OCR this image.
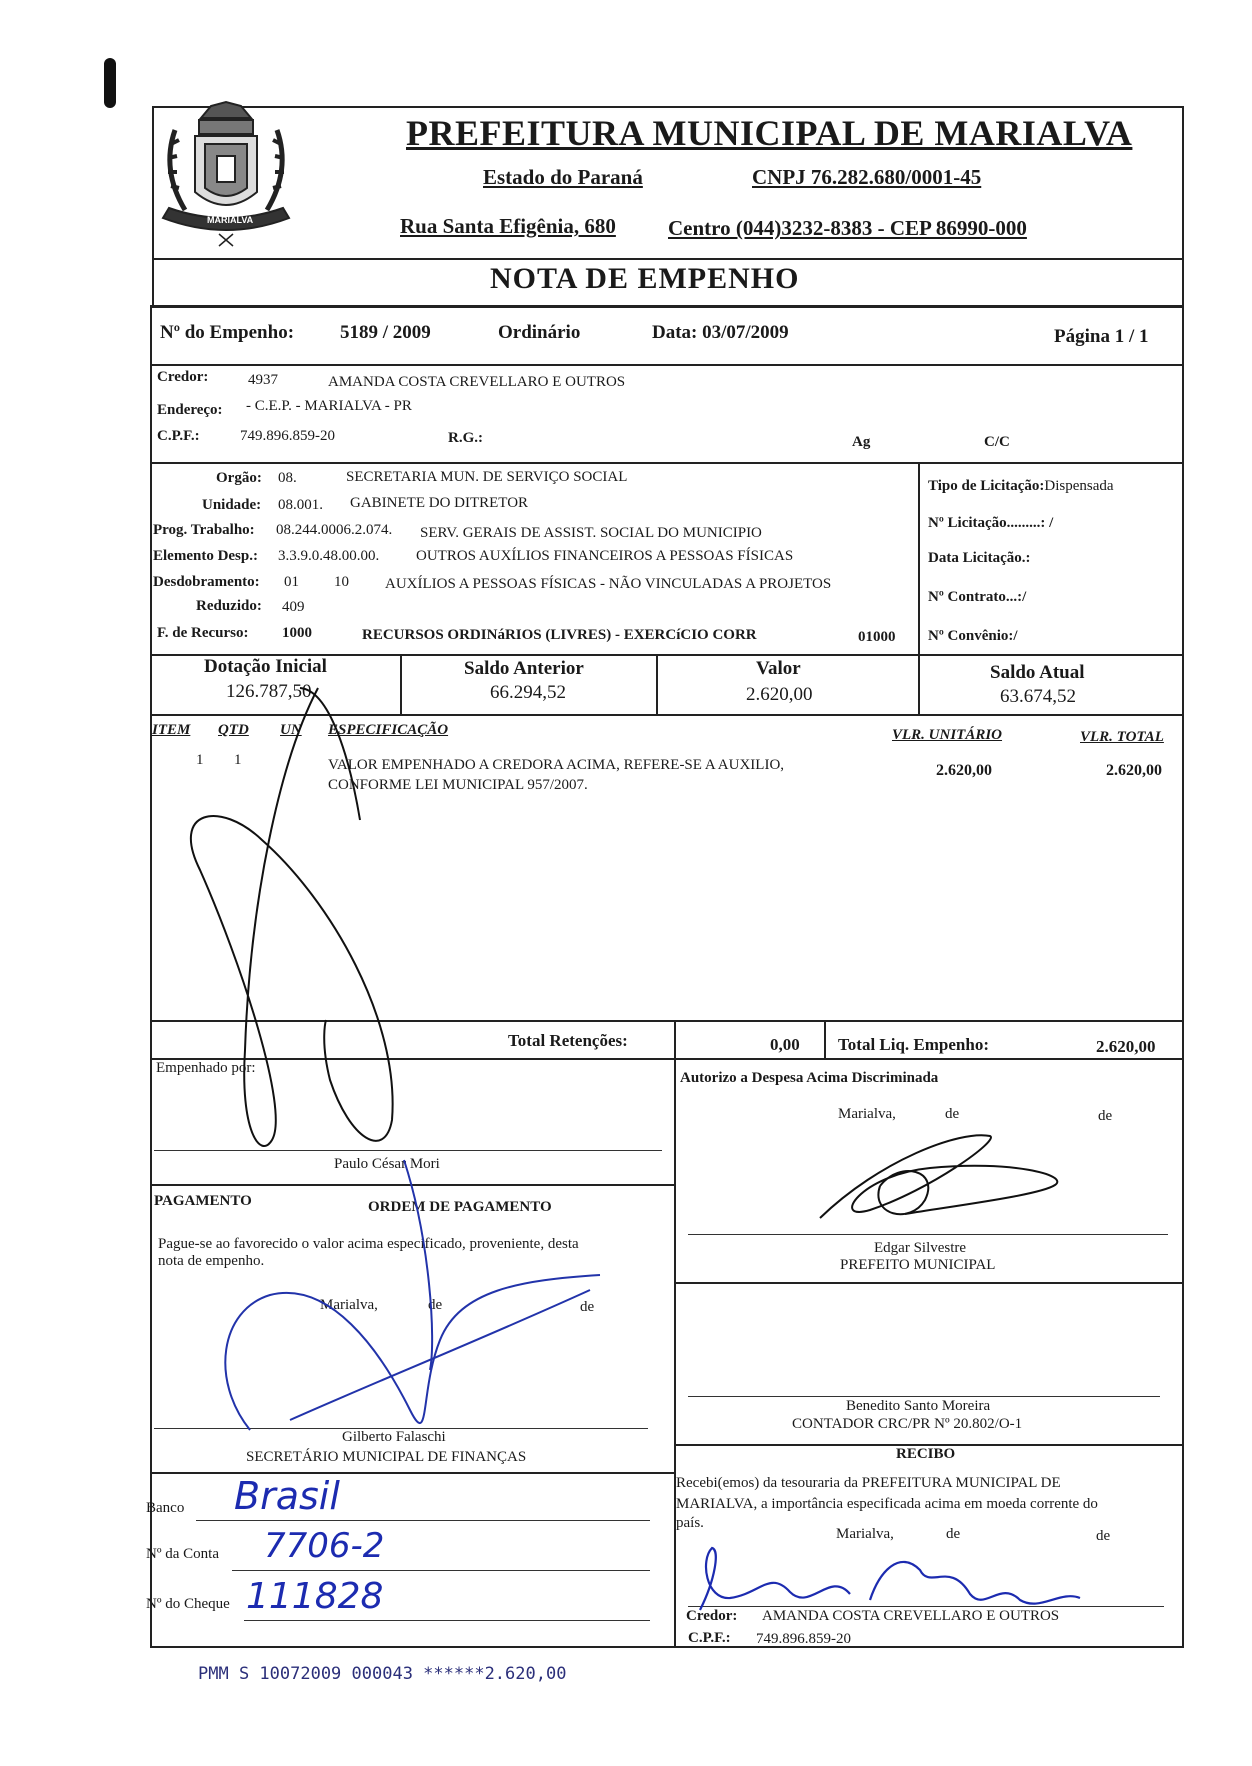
MARIALVA
PREFEITURA MUNICIPAL DE MARIALVA
Estado do Paraná	CNPJ 76.282.680/0001-45
Rua Santa Efigênia, 680 Centro (044)3232-8383 - CEP 86990-000
NOTA DE EMPENHO
Nº do Empenho: 5189 / 2009	Ordinário	Data: 03/07/2009	Página 1 / 1
Credor:	4937	AMANDA COSTA CREVELLARO E OUTROS
Endereço: - C.E.P. - MARIALVA - PR
C.P.F.:	749.896.859-20	R.G.:	Ag	C/C
Orgão: 08.	SECRETARIA MUN. DE SERVIÇO SOCIAL
Unidade: 08.001. GABINETE DO DITRETOR
Prog. Trabalho: 08.244.0006.2.074. SERV. GERAIS DE ASSIST. SOCIAL DO MUNICIPIO
Elemento Desp.: 3.3.9.0.48.00.00. OUTROS AUXÍLIOS FINANCEIROS A PESSOAS FÍSICAS
Desdobramento: 01 10 AUXÍLIOS A PESSOAS FÍSICAS - NÃO VINCULADAS A PROJETOS
Reduzido: 409
F. de Recurso: 1000	RECURSOS ORDINáRIOS (LIVRES) - EXERCíCIO CORR	01000
Tipo de Licitação:Dispensada
Nº Licitação.........: /
Data Licitação.:
Nº Contrato...:/
Nº Convênio:/
Dotação Inicial
126.787,50
Saldo Anterior
66.294,52
Valor
2.620,00
Saldo Atual
63.674,52
ITEM QTD UN ESPECIFICAÇÃO	VLR. UNITÁRIO	VLR. TOTAL
1 1	VALOR EMPENHADO A CREDORA ACIMA, REFERE-SE A AUXILIO,
CONFORME LEI MUNICIPAL 957/2007.
2.620,00	2.620,00
Total Retenções:	0,00 Total Liq. Empenho:	2.620,00
Empenhado por:
Paulo César Mori
Autorizo a Despesa Acima Discriminada
Marialva,	de	de
Edgar Silvestre
PREFEITO MUNICIPAL
PAGAMENTO	ORDEM DE PAGAMENTO
Pague-se ao favorecido o valor acima especificado, proveniente, desta
nota de empenho.
Marialva,	de	de
Gilberto Falaschi
SECRETÁRIO MUNICIPAL DE FINANÇAS
Benedito Santo Moreira
CONTADOR CRC/PR Nº 20.802/O-1
Banco Brasil
Nº da Conta 7706-2
Nº do Cheque 111828
RECIBO
Recebi(emos) da tesouraria da PREFEITURA MUNICIPAL DE
MARIALVA, a importância especificada acima em moeda corrente do
país.
Marialva,	de	de
Credor: AMANDA COSTA CREVELLARO E OUTROS
C.P.F.: 749.896.859-20
PMM S 10072009 000043 ******2.620,00
